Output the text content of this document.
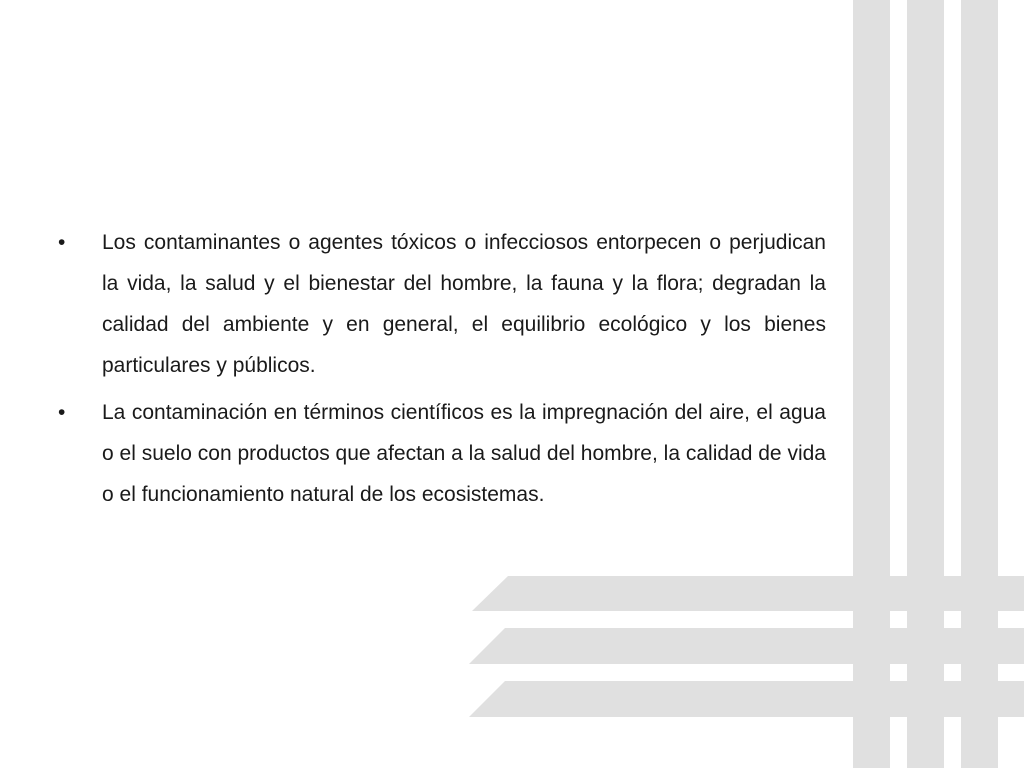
• Los contaminantes o agentes tóxicos o infecciosos entorpecen o perjudican la vida, la salud y el bienestar del hombre, la fauna y la flora; degradan la calidad del ambiente y en general, el equilibrio ecológico y los bienes particulares y públicos.
• La contaminación en términos científicos es la impregnación del aire, el agua o el suelo con productos que afectan a la salud del hombre, la calidad de vida o el funcionamiento natural de los ecosistemas.
